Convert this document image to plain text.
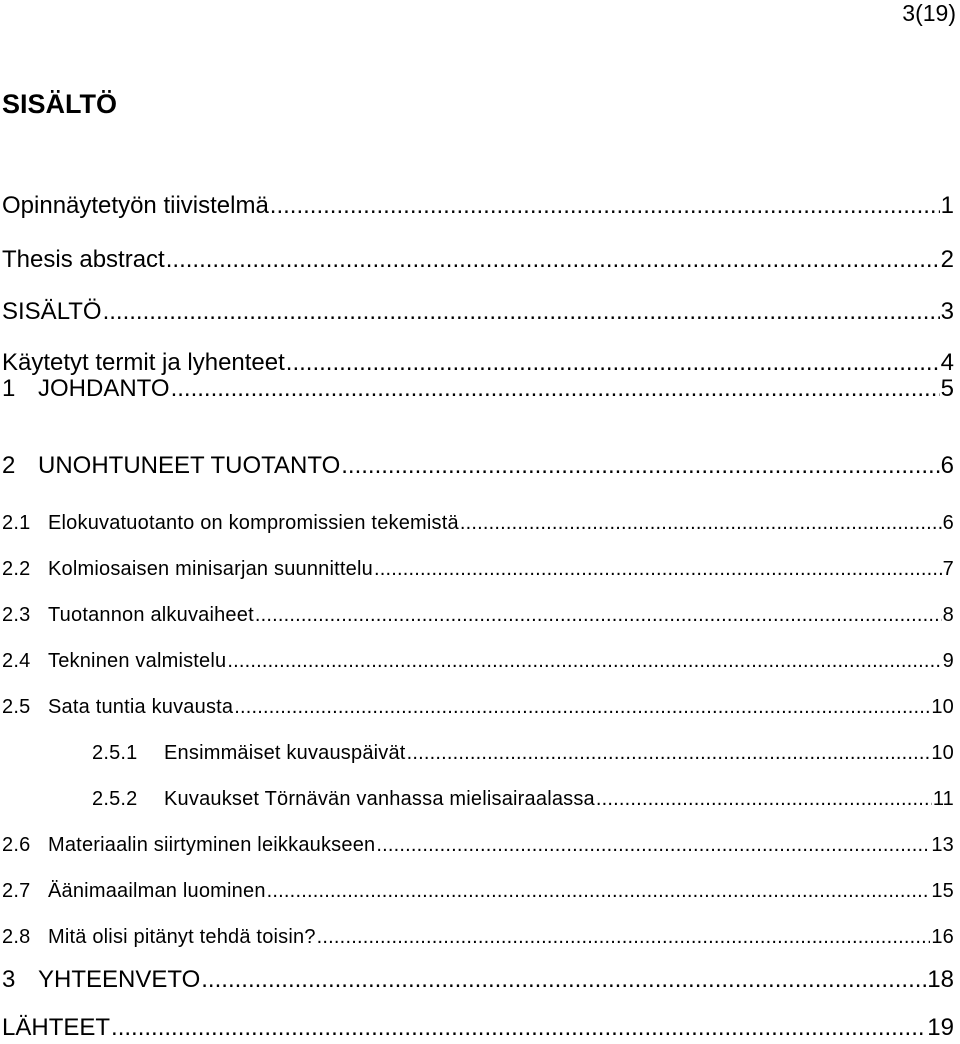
3(19)
SISÄLTÖ
Opinnäytetyön tiivistelmä .....	1
Thesis abstract .....	2
SISÄLTÖ .....	3
Käytetyt termit ja lyhenteet .....	4
1 JOHDANTO .....	5
2 UNOHTUNEET TUOTANTO .....	6
2.1 Elokuvatuotanto on kompromissien tekemistä .....	6
2.2 Kolmiosaisen minisarjan suunnittelu .....	7
2.3 Tuotannon alkuvaiheet .....	8
2.4 Tekninen valmistelu .....	9
2.5 Sata tuntia kuvausta .....	10
2.5.1	Ensimmäiset kuvauspäivät .....	10
2.5.2	Kuvaukset Törnävän vanhassa mielisairaalassa .....	11
2.6 Materiaalin siirtyminen leikkaukseen .....	13
2.7 Äänimaailman luominen .....	15
2.8 Mitä olisi pitänyt tehdä toisin? .....	16
3 YHTEENVETO .....	18
LÄHTEET .....	19
